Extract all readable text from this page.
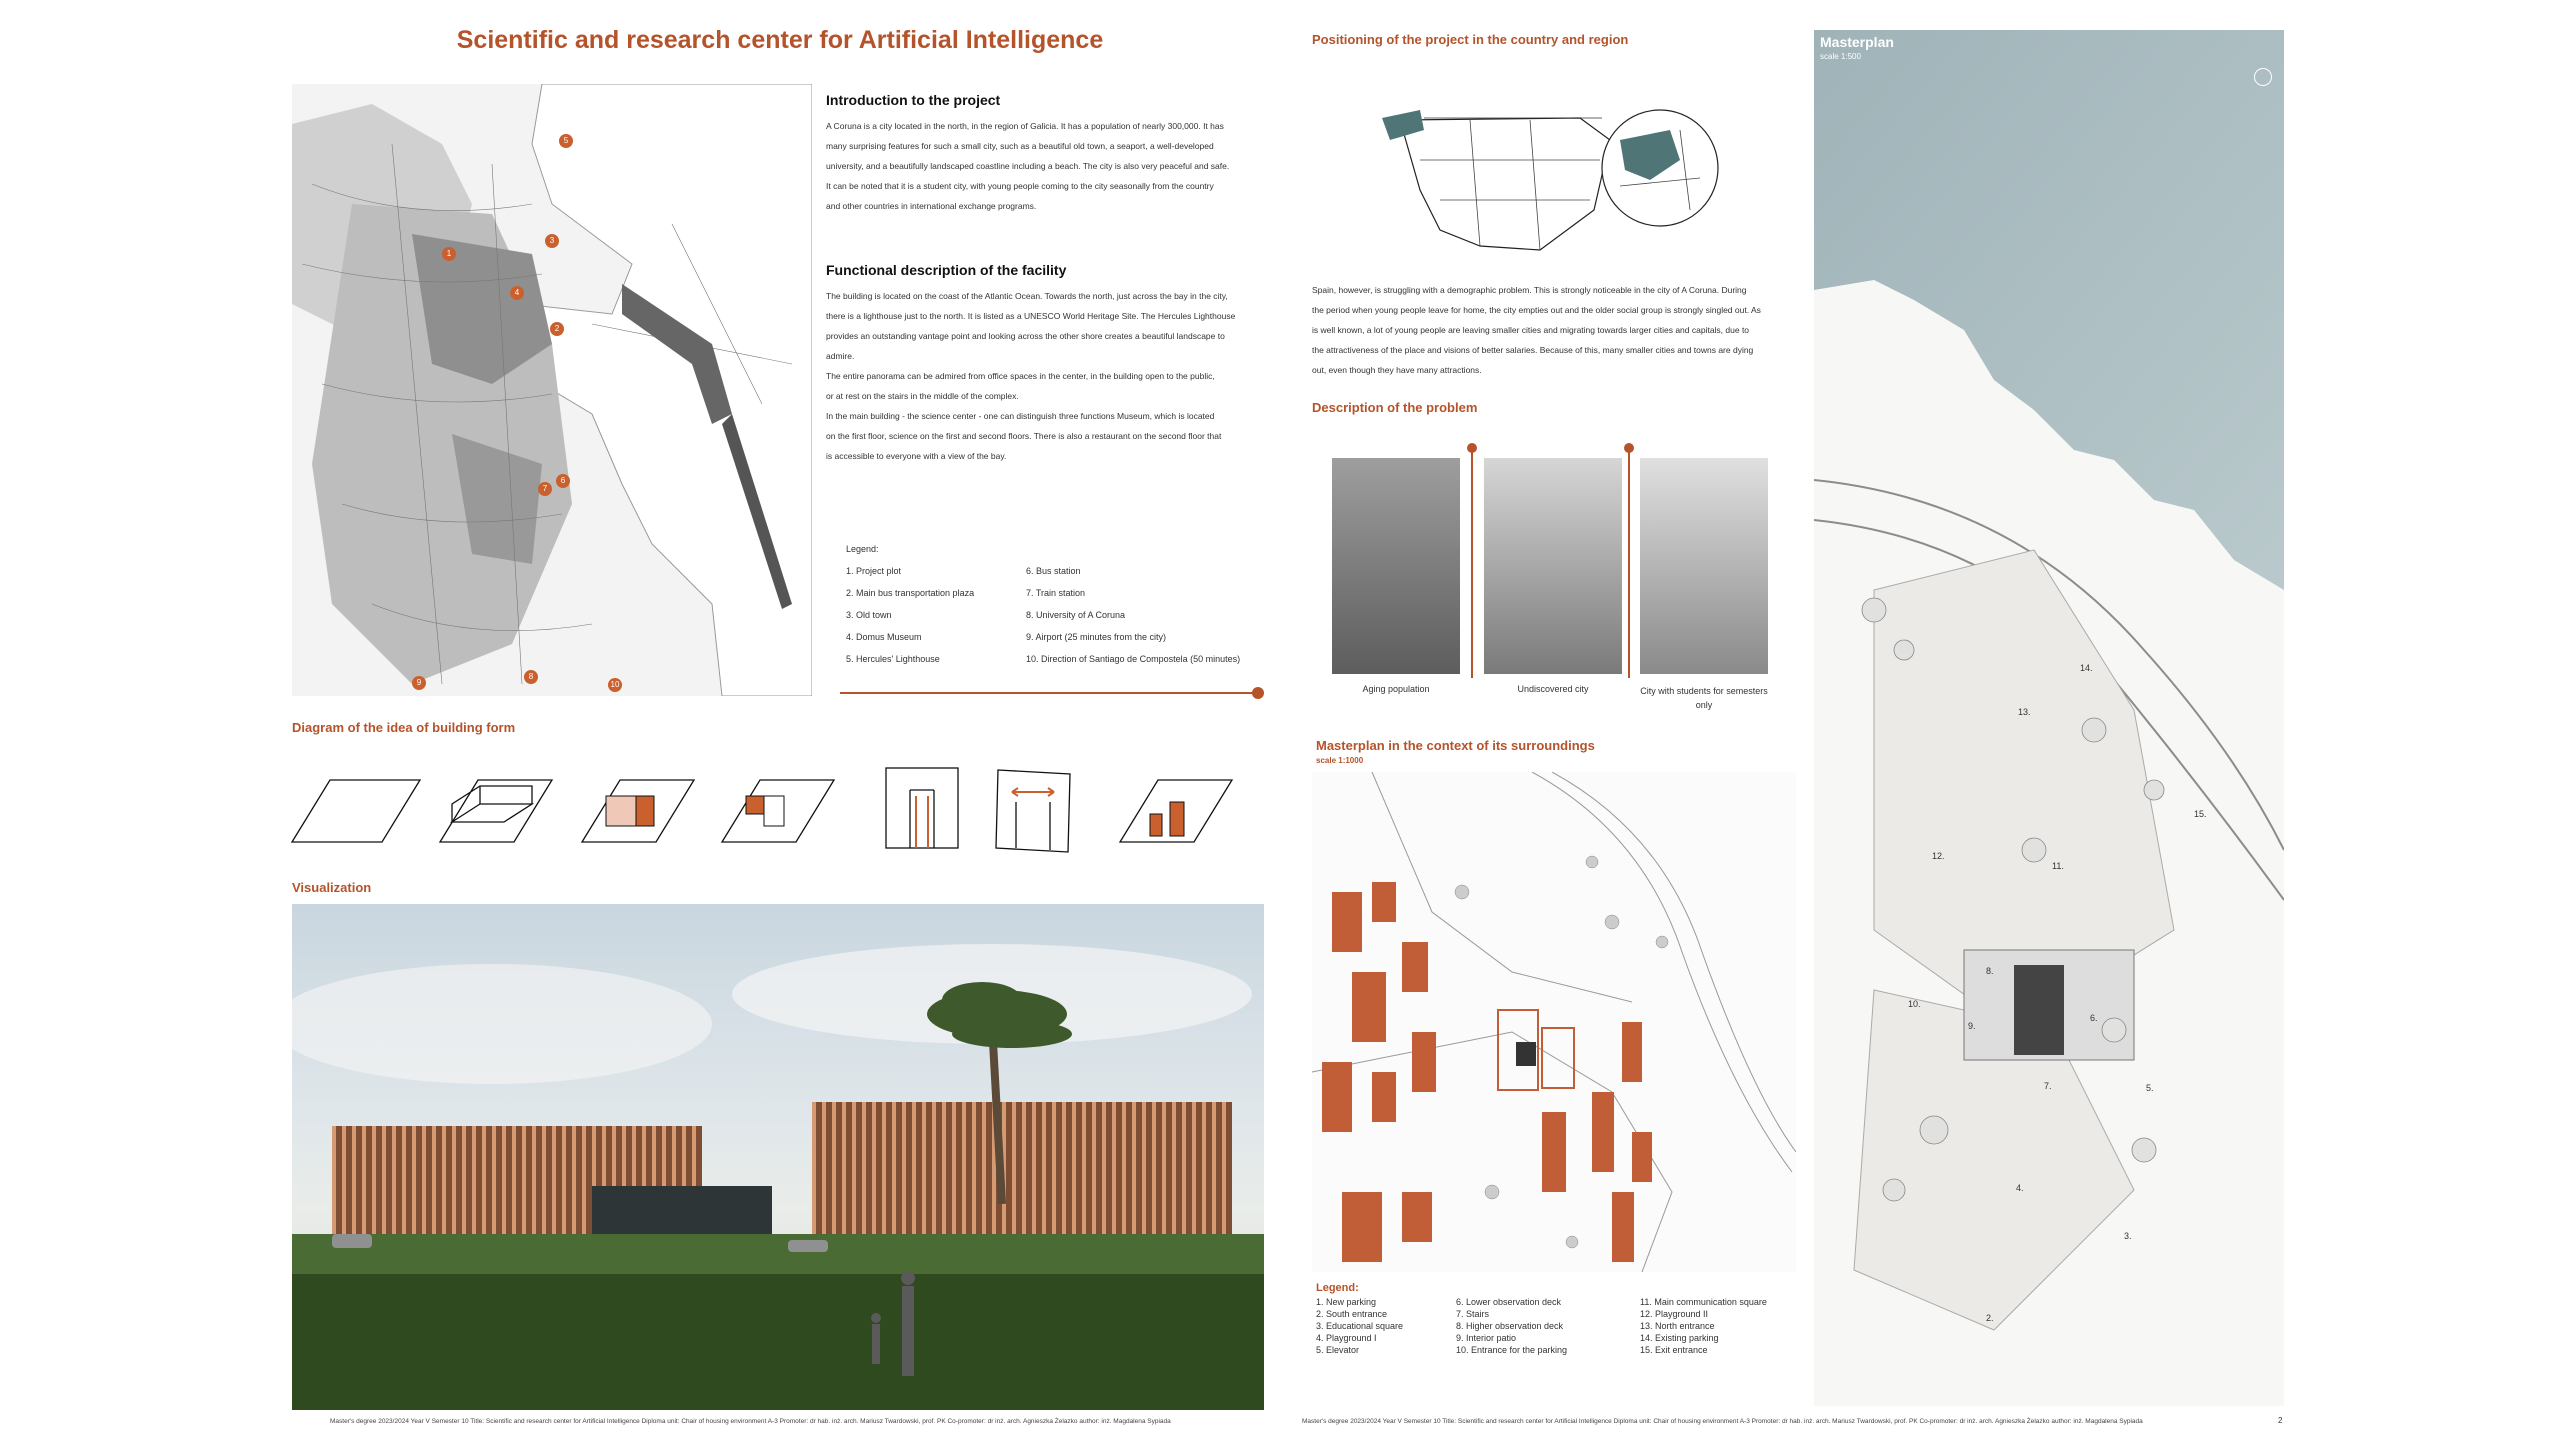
Scientific and research center for Artificial Intelligence
1
2
3
4
5
6
7
8
9	10
Introduction to the project

A Coruna is a city located in the north, in the region of Galicia. It has a population of nearly 300,000. It has

many surprising features for such a small city, such as a beautiful old town, a seaport, a well-developed

university, and a beautifully landscaped coastline including a beach. The city is also very peaceful and safe.

It can be noted that it is a student city, with young people coming to the city seasonally from the country

and other countries in international exchange programs.

Functional description of the facility

The building is located on the coast of the Atlantic Ocean. Towards the north, just across the bay in the city,

there is a lighthouse just to the north. It is listed as a UNESCO World Heritage Site. The Hercules Lighthouse

provides an outstanding vantage point and looking across the other shore creates a beautiful landscape to

admire.

The entire panorama can be admired from office spaces in the center, in the building open to the public,

or at rest on the stairs in the middle of the complex.

In the main building - the science center - one can distinguish three functions Museum, which is located

on the first floor, science on the first and second floors. There is also a restaurant on the second floor that

is accessible to everyone with a view of the bay.

Legend:
1. Project plot
2. Main bus transportation plaza
3. Old town
4. Domus Museum
5. Hercules' Lighthouse
6. Bus station
7. Train station
8. University of A Coruna
9. Airport (25 minutes from the city)
10. Direction of Santiago de Compostela (50 minutes)
Diagram of the idea of building form
Visualization
Master's degree 2023/2024 Year V Semester 10 Title: Scientific and research center for Artificial Intelligence Diploma unit: Chair of housing environment A-3 Promoter: dr hab. inż. arch. Mariusz Twardowski, prof. PK Co-promoter: dr inż. arch. Agnieszka Żelazko author: inż. Magdalena Sypiada
Positioning of the project in the country and region

Spain, however, is struggling with a demographic problem. This is strongly noticeable in the city of A Coruna. During

the period when young people leave for home, the city empties out and the older social group is strongly singled out. As

is well known, a lot of young people are leaving smaller cities and migrating towards larger cities and capitals, due to

the attractiveness of the place and visions of better salaries. Because of this, many smaller cities and towns are dying

out, even though they have many attractions.

Description of the problem
Aging population	Undiscovered city	City with students for semesters only
Masterplan in the context of its surroundings
scale 1:1000
Legend:
1. New parking
2. South entrance
3. Educational square
4. Playground I
5. Elevator
6. Lower observation deck
7. Stairs
8. Higher observation deck
9. Interior patio
10. Entrance for the parking
11. Main communication square
12. Playground II
13. North entrance
14. Existing parking
15. Exit entrance
Masterplan
scale 1:500
2.
3.
4.
5.
6.
7.
8.
9.
10.
11.
12.
13.
14.
15.
Master's degree 2023/2024 Year V Semester 10 Title: Scientific and research center for Artificial Intelligence Diploma unit: Chair of housing environment A-3 Promoter: dr hab. inż. arch. Mariusz Twardowski, prof. PK Co-promoter: dr inż. arch. Agnieszka Żelazko author: inż. Magdalena Sypiada	2
